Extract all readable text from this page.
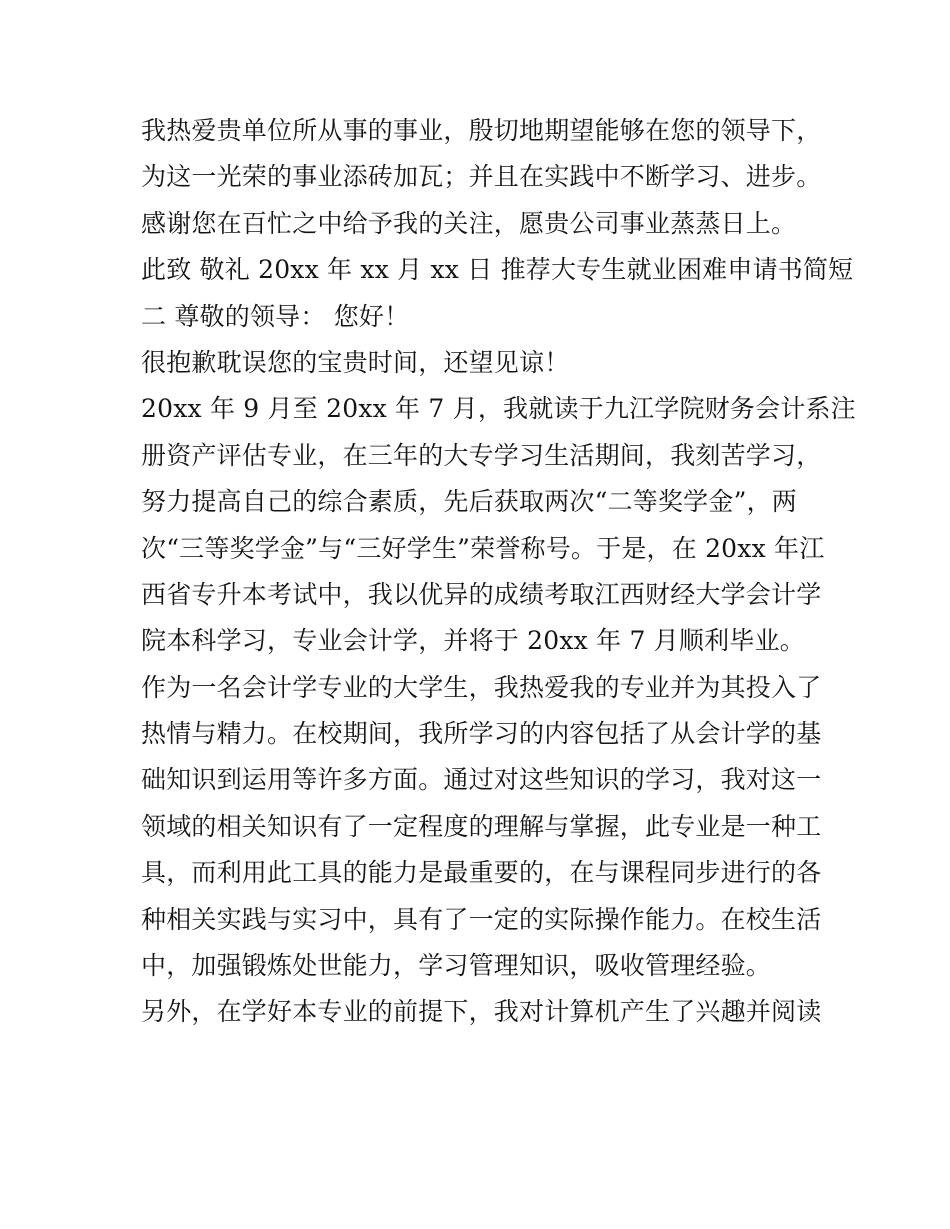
我热爱贵单位所从事的事业，殷切地期望能够在您的领导下，
为这一光荣的事业添砖加瓦；并且在实践中不断学习、进步。
感谢您在百忙之中给予我的关注，愿贵公司事业蒸蒸日上。
此致 敬礼 20xx 年 xx 月 xx 日 推荐大专生就业困难申请书简短
二 尊敬的领导： 您好！
很抱歉耽误您的宝贵时间，还望见谅！
20xx 年 9 月至 20xx 年 7 月，我就读于九江学院财务会计系注
册资产评估专业，在三年的大专学习生活期间，我刻苦学习，
努力提高自己的综合素质，先后获取两次“二等奖学金”，两
次“三等奖学金”与“三好学生”荣誉称号。于是，在 20xx 年江
西省专升本考试中，我以优异的成绩考取江西财经大学会计学
院本科学习，专业会计学，并将于 20xx 年 7 月顺利毕业。
作为一名会计学专业的大学生，我热爱我的专业并为其投入了
热情与精力。在校期间，我所学习的内容包括了从会计学的基
础知识到运用等许多方面。通过对这些知识的学习，我对这一
领域的相关知识有了一定程度的理解与掌握，此专业是一种工
具，而利用此工具的能力是最重要的，在与课程同步进行的各
种相关实践与实习中，具有了一定的实际操作能力。在校生活
中，加强锻炼处世能力，学习管理知识，吸收管理经验。
另外，在学好本专业的前提下，我对计算机产生了兴趣并阅读
